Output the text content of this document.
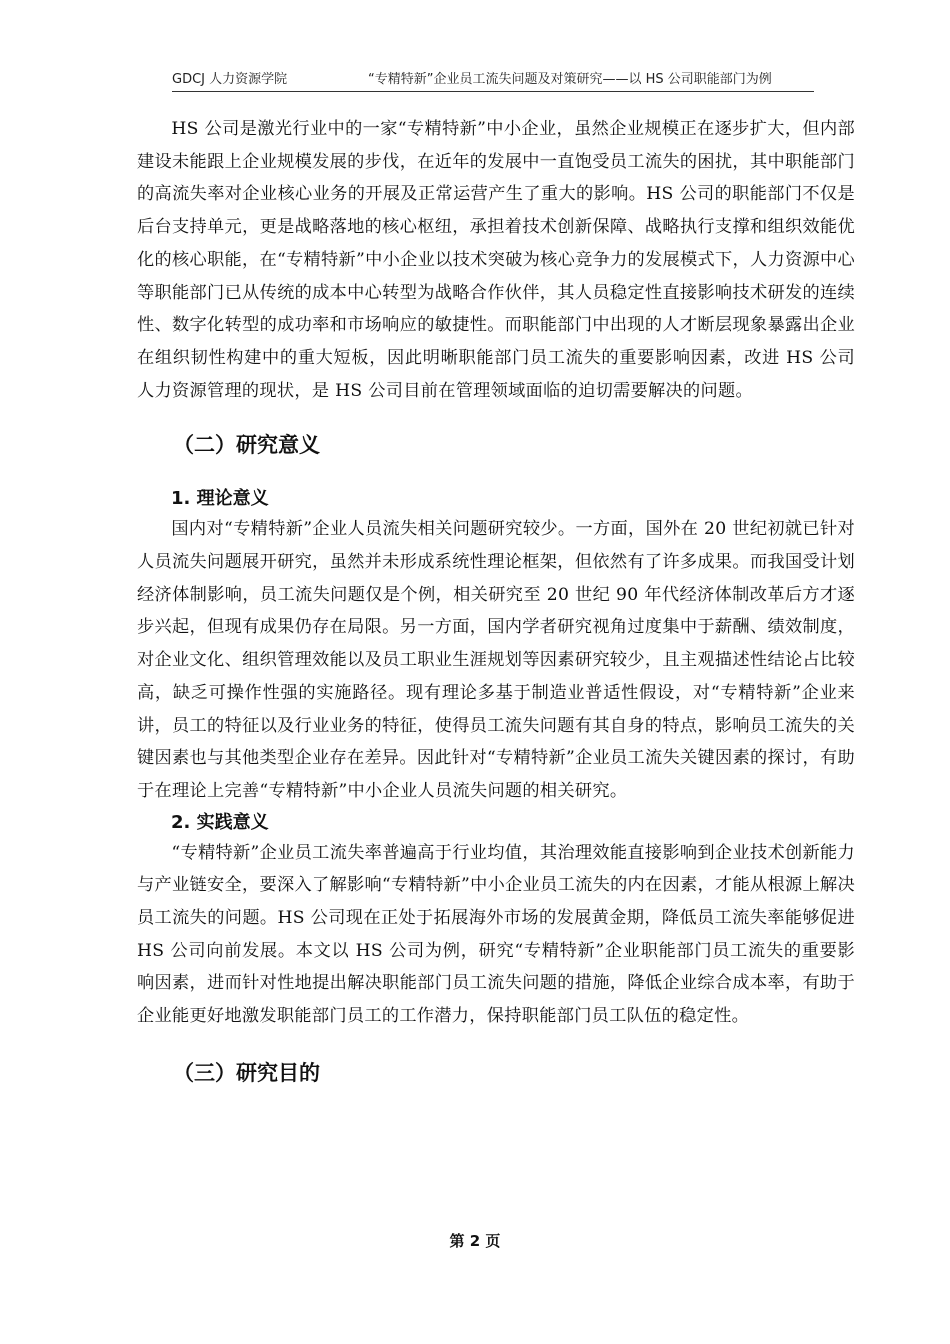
GDCJ 人力资源学院	“专精特新”企业员工流失问题及对策研究——以 HS 公司职能部门为例

HS 公司是激光行业中的一家“专精特新”中小企业，虽然企业规模正在逐步扩大，但内部建设未能跟上企业规模发展的步伐，在近年的发展中一直饱受员工流失的困扰，其中职能部门的高流失率对企业核心业务的开展及正常运营产生了重大的影响。HS 公司的职能部门不仅是后台支持单元，更是战略落地的核心枢纽，承担着技术创新保障、战略执行支撑和组织效能优化的核心职能，在“专精特新”中小企业以技术突破为核心竞争力的发展模式下，人力资源中心等职能部门已从传统的成本中心转型为战略合作伙伴，其人员稳定性直接影响技术研发的连续性、数字化转型的成功率和市场响应的敏捷性。而职能部门中出现的人才断层现象暴露出企业在组织韧性构建中的重大短板，因此明晰职能部门员工流失的重要影响因素，改进 HS 公司人力资源管理的现状，是 HS 公司目前在管理领域面临的迫切需要解决的问题。

（二）研究意义
1. 理论意义

国内对“专精特新”企业人员流失相关问题研究较少。一方面，国外在 20 世纪初就已针对人员流失问题展开研究，虽然并未形成系统性理论框架，但依然有了许多成果。而我国受计划经济体制影响，员工流失问题仅是个例，相关研究至 20 世纪 90 年代经济体制改革后方才逐步兴起，但现有成果仍存在局限。另一方面，国内学者研究视角过度集中于薪酬、绩效制度，对企业文化、组织管理效能以及员工职业生涯规划等因素研究较少，且主观描述性结论占比较高，缺乏可操作性强的实施路径。现有理论多基于制造业普适性假设，对“专精特新”企业来讲，员工的特征以及行业业务的特征，使得员工流失问题有其自身的特点，影响员工流失的关键因素也与其他类型企业存在差异。因此针对“专精特新”企业员工流失关键因素的探讨，有助于在理论上完善“专精特新”中小企业人员流失问题的相关研究。

2. 实践意义

“专精特新”企业员工流失率普遍高于行业均值，其治理效能直接影响到企业技术创新能力与产业链安全，要深入了解影响“专精特新”中小企业员工流失的内在因素，才能从根源上解决员工流失的问题。HS 公司现在正处于拓展海外市场的发展黄金期，降低员工流失率能够促进 HS 公司向前发展。本文以 HS 公司为例，研究“专精特新”企业职能部门员工流失的重要影响因素，进而针对性地提出解决职能部门员工流失问题的措施，降低企业综合成本率，有助于企业能更好地激发职能部门员工的工作潜力，保持职能部门员工队伍的稳定性。

（三）研究目的
第 2 页
